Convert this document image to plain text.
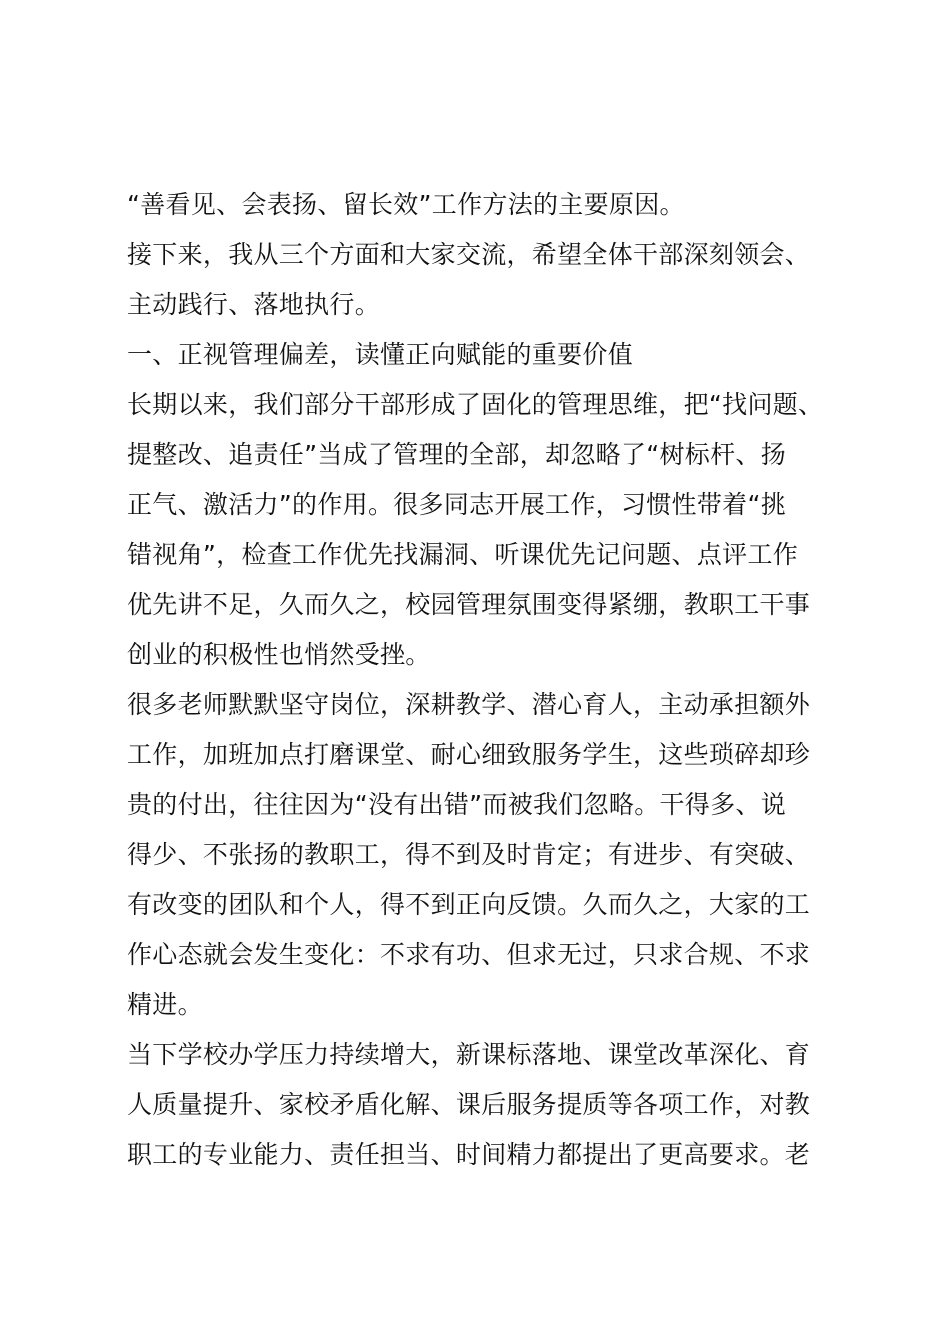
“善看见、会表扬、留长效”工作方法的主要原因。
接下来，我从三个方面和大家交流，希望全体干部深刻领会、
主动践行、落地执行。
一、正视管理偏差，读懂正向赋能的重要价值
长期以来，我们部分干部形成了固化的管理思维，把“找问题、
提整改、追责任”当成了管理的全部，却忽略了“树标杆、扬
正气、激活力”的作用。很多同志开展工作，习惯性带着“挑
错视角”，检查工作优先找漏洞、听课优先记问题、点评工作
优先讲不足，久而久之，校园管理氛围变得紧绷，教职工干事
创业的积极性也悄然受挫。
很多老师默默坚守岗位，深耕教学、潜心育人，主动承担额外
工作，加班加点打磨课堂、耐心细致服务学生，这些琐碎却珍
贵的付出，往往因为“没有出错”而被我们忽略。干得多、说
得少、不张扬的教职工，得不到及时肯定；有进步、有突破、
有改变的团队和个人，得不到正向反馈。久而久之，大家的工
作心态就会发生变化：不求有功、但求无过，只求合规、不求
精进。
当下学校办学压力持续增大，新课标落地、课堂改革深化、育
人质量提升、家校矛盾化解、课后服务提质等各项工作，对教
职工的专业能力、责任担当、时间精力都提出了更高要求。老
